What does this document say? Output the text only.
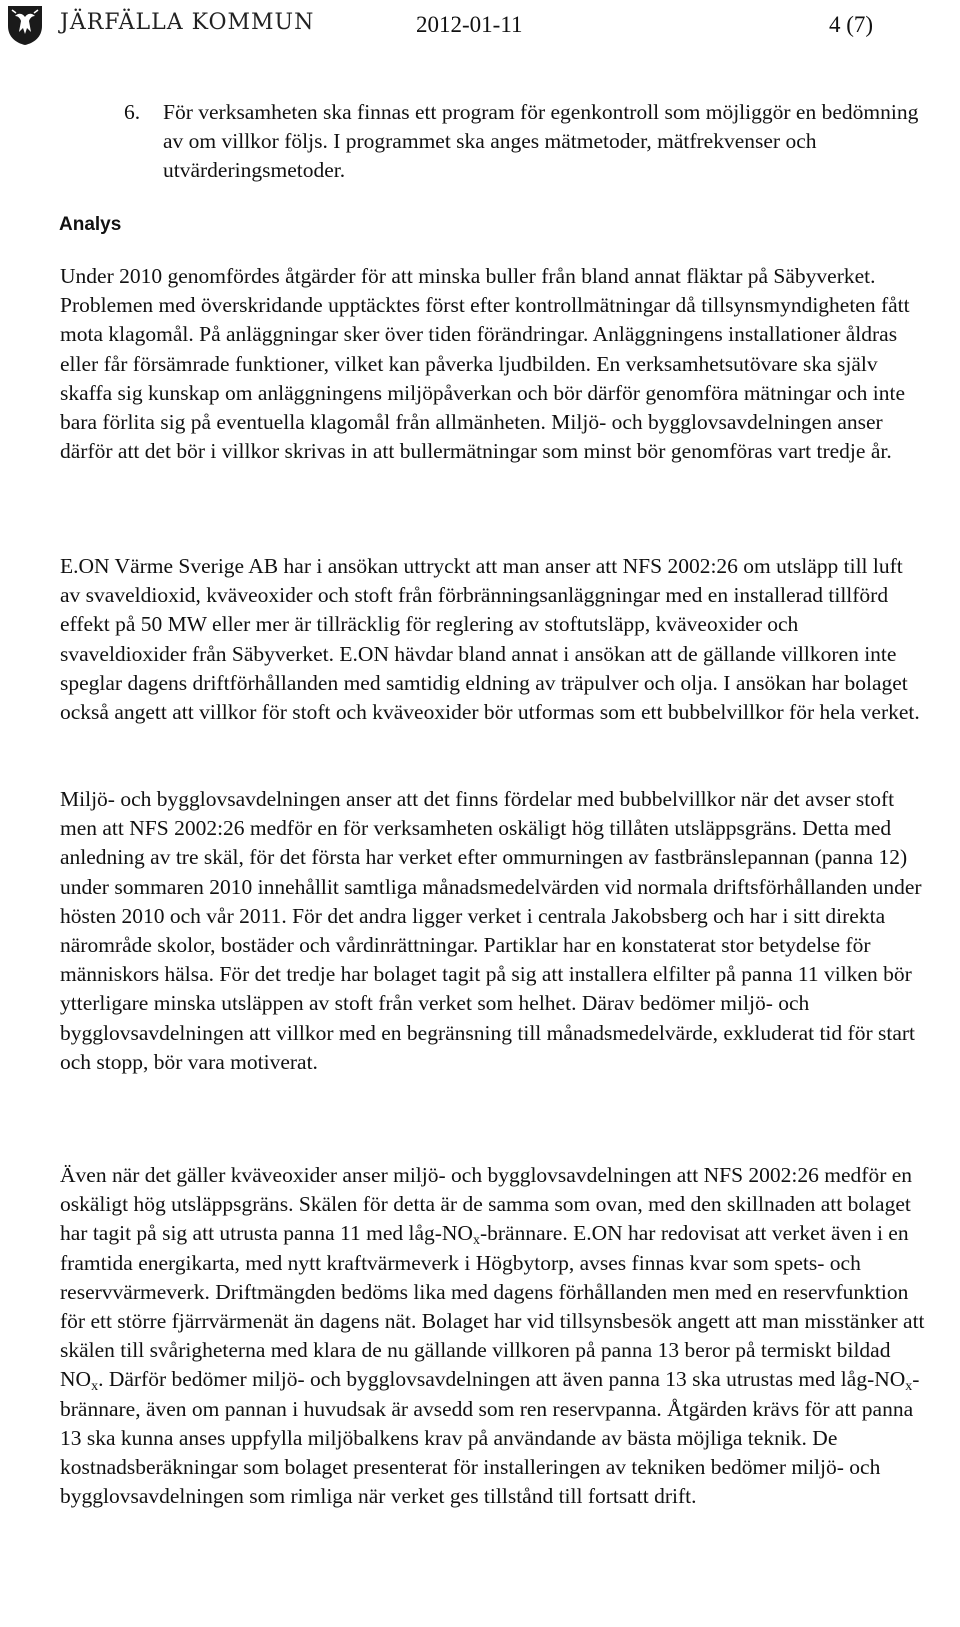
JÄRFÄLLA KOMMUN	2012-01-11	4 (7)
6. För verksamheten ska finnas ett program för egenkontroll som möjliggör en bedömning av om villkor följs. I programmet ska anges mätmetoder, mätfrekvenser och utvärderingsmetoder.
Analys

Under 2010 genomfördes åtgärder för att minska buller från bland annat fläktar på Säbyverket. Problemen med överskridande upptäcktes först efter kontrollmätningar då tillsynsmyndigheten fått mota klagomål. På anläggningar sker över tiden förändringar. Anläggningens installationer åldras eller får försämrade funktioner, vilket kan påverka ljudbilden. En verksamhetsutövare ska själv skaffa sig kunskap om anläggningens miljöpåverkan och bör därför genomföra mätningar och inte bara förlita sig på eventuella klagomål från allmänheten. Miljö- och bygglovsavdelningen anser därför att det bör i villkor skrivas in att bullermätningar som minst bör genomföras vart tredje år.

E.ON Värme Sverige AB har i ansökan uttryckt att man anser att NFS 2002:26 om utsläpp till luft av svaveldioxid, kväveoxider och stoft från förbränningsanläggningar med en installerad tillförd effekt på 50 MW eller mer är tillräcklig för reglering av stoftutsläpp, kväveoxider och svaveldioxider från Säbyverket. E.ON hävdar bland annat i ansökan att de gällande villkoren inte speglar dagens driftförhållanden med samtidig eldning av träpulver och olja. I ansökan har bolaget också angett att villkor för stoft och kväveoxider bör utformas som ett bubbelvillkor för hela verket.

Miljö- och bygglovsavdelningen anser att det finns fördelar med bubbelvillkor när det avser stoft men att NFS 2002:26 medför en för verksamheten oskäligt hög tillåten utsläppsgräns. Detta med anledning av tre skäl, för det första har verket efter ommurningen av fastbränslepannan (panna 12) under sommaren 2010 innehållit samtliga månadsmedelvärden vid normala driftsförhållanden under hösten 2010 och vår 2011. För det andra ligger verket i centrala Jakobsberg och har i sitt direkta närområde skolor, bostäder och vårdinrättningar. Partiklar har en konstaterat stor betydelse för människors hälsa. För det tredje har bolaget tagit på sig att installera elfilter på panna 11 vilken bör ytterligare minska utsläppen av stoft från verket som helhet. Därav bedömer miljö- och bygglovsavdelningen att villkor med en begränsning till månadsmedelvärde, exkluderat tid för start och stopp, bör vara motiverat.

Även när det gäller kväveoxider anser miljö- och bygglovsavdelningen att NFS 2002:26 medför en oskäligt hög utsläppsgräns. Skälen för detta är de samma som ovan, med den skillnaden att bolaget har tagit på sig att utrusta panna 11 med låg-$NO_x$-brännare. E.ON har redovisat att verket även i en framtida energikarta, med nytt kraftvärmeverk i Högbytorp, avses finnas kvar som spets- och reservvärmeverk. Driftmängden bedöms lika med dagens förhållanden men med en reservfunktion för ett större fjärrvärmenät än dagens nät. Bolaget har vid tillsynsbesök angett att man misstänker att skälen till svårigheterna med klara de nu gällande villkoren på panna 13 beror på termiskt bildad $NO_x$. Därför bedömer miljö- och bygglovsavdelningen att även panna 13 ska utrustas med låg-$NO_x$-brännare, även om pannan i huvudsak är avsedd som ren reservpanna. Åtgärden krävs för att panna 13 ska kunna anses uppfylla miljöbalkens krav på användande av bästa möjliga teknik. De kostnadsberäkningar som bolaget presenterat för installeringen av tekniken bedömer miljö- och bygglovsavdelningen som rimliga när verket ges tillstånd till fortsatt drift.
